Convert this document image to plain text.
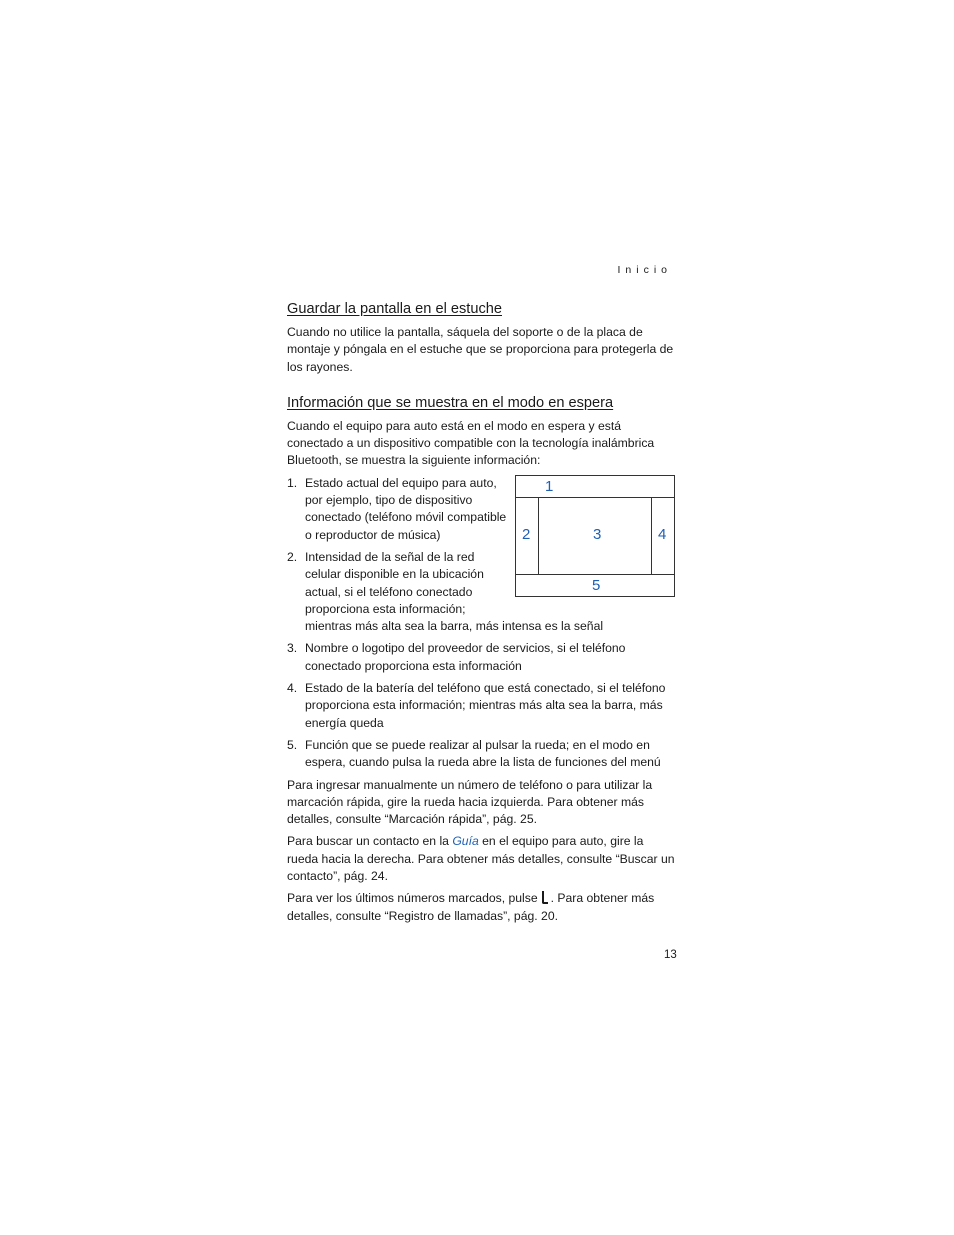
Inicio
Guardar la pantalla en el estuche

Cuando no utilice la pantalla, sáquela del soporte o de la placa de montaje y póngala en el estuche que se proporciona para protegerla de los rayones.

Información que se muestra en el modo en espera

Cuando el equipo para auto está en el modo en espera y está conectado a un dispositivo compatible con la tecnología inalámbrica Bluetooth, se muestra la siguiente información:

1
2	3	4
5
1. Estado actual del equipo para auto, por ejemplo, tipo de dispositivo conectado (teléfono móvil compatible o reproductor de música)
2. Intensidad de la señal de la red celular disponible en la ubicación actual, si el teléfono conectado proporciona esta información;
mientras más alta sea la barra, más intensa es la señal
3. Nombre o logotipo del proveedor de servicios, si el teléfono conectado proporciona esta información
4. Estado de la batería del teléfono que está conectado, si el teléfono proporciona esta información; mientras más alta sea la barra, más energía queda
5. Función que se puede realizar al pulsar la rueda; en el modo en espera, cuando pulsa la rueda abre la lista de funciones del menú

Para ingresar manualmente un número de teléfono o para utilizar la marcación rápida, gire la rueda hacia izquierda. Para obtener más detalles, consulte “Marcación rápida”, pág. 25.

Para buscar un contacto en la Guía en el equipo para auto, gire la rueda hacia la derecha. Para obtener más detalles, consulte “Buscar un contacto”, pág. 24.

Para ver los últimos números marcados, pulse . Para obtener más detalles, consulte “Registro de llamadas”, pág. 20.

13
